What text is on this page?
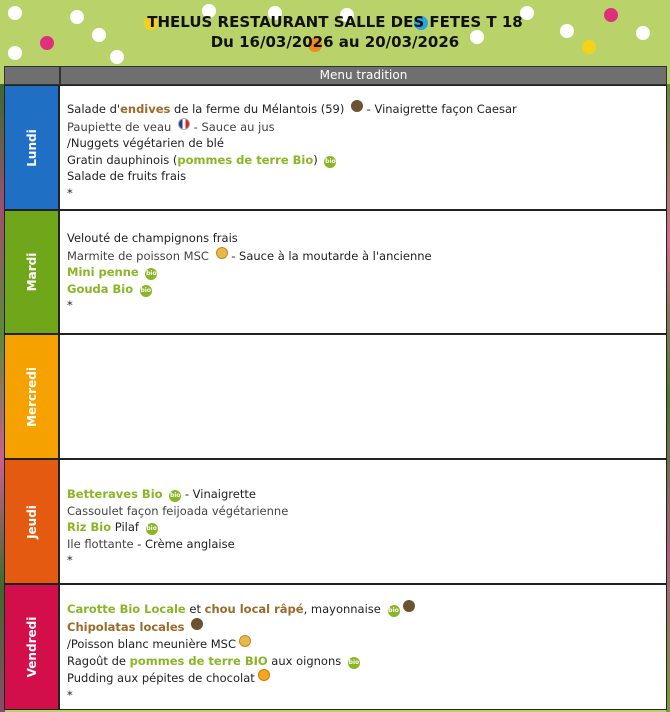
THELUS RESTAURANT SALLE DES FETES T 18
Du 16/03/2026 au 20/03/2026
Menu tradition
Lundi
Salade d'endives de la ferme du Mélantois (59)  - Vinaigrette façon Caesar
Paupiette de veau  - Sauce au jus
/Nuggets végétarien de blé
Gratin dauphinois (pommes de terre Bio) bio
Salade de fruits frais
*
Mardi
Velouté de champignons frais
Marmite de poisson MSC  - Sauce à la moutarde à l'ancienne
Mini penne bio
Gouda Bio bio
*
Mercredi
Jeudi
Betteraves Bio bio - Vinaigrette
Cassoulet façon feijoada végétarienne
Riz Bio Pilaf bio
Ile flottante - Crème anglaise
*
Vendredi
Carotte Bio Locale et chou local râpé, mayonnaise bio
Chipolatas locales
/Poisson blanc meunière MSC
Ragoût de pommes de terre BIO aux oignons bio
Pudding aux pépites de chocolat
*
